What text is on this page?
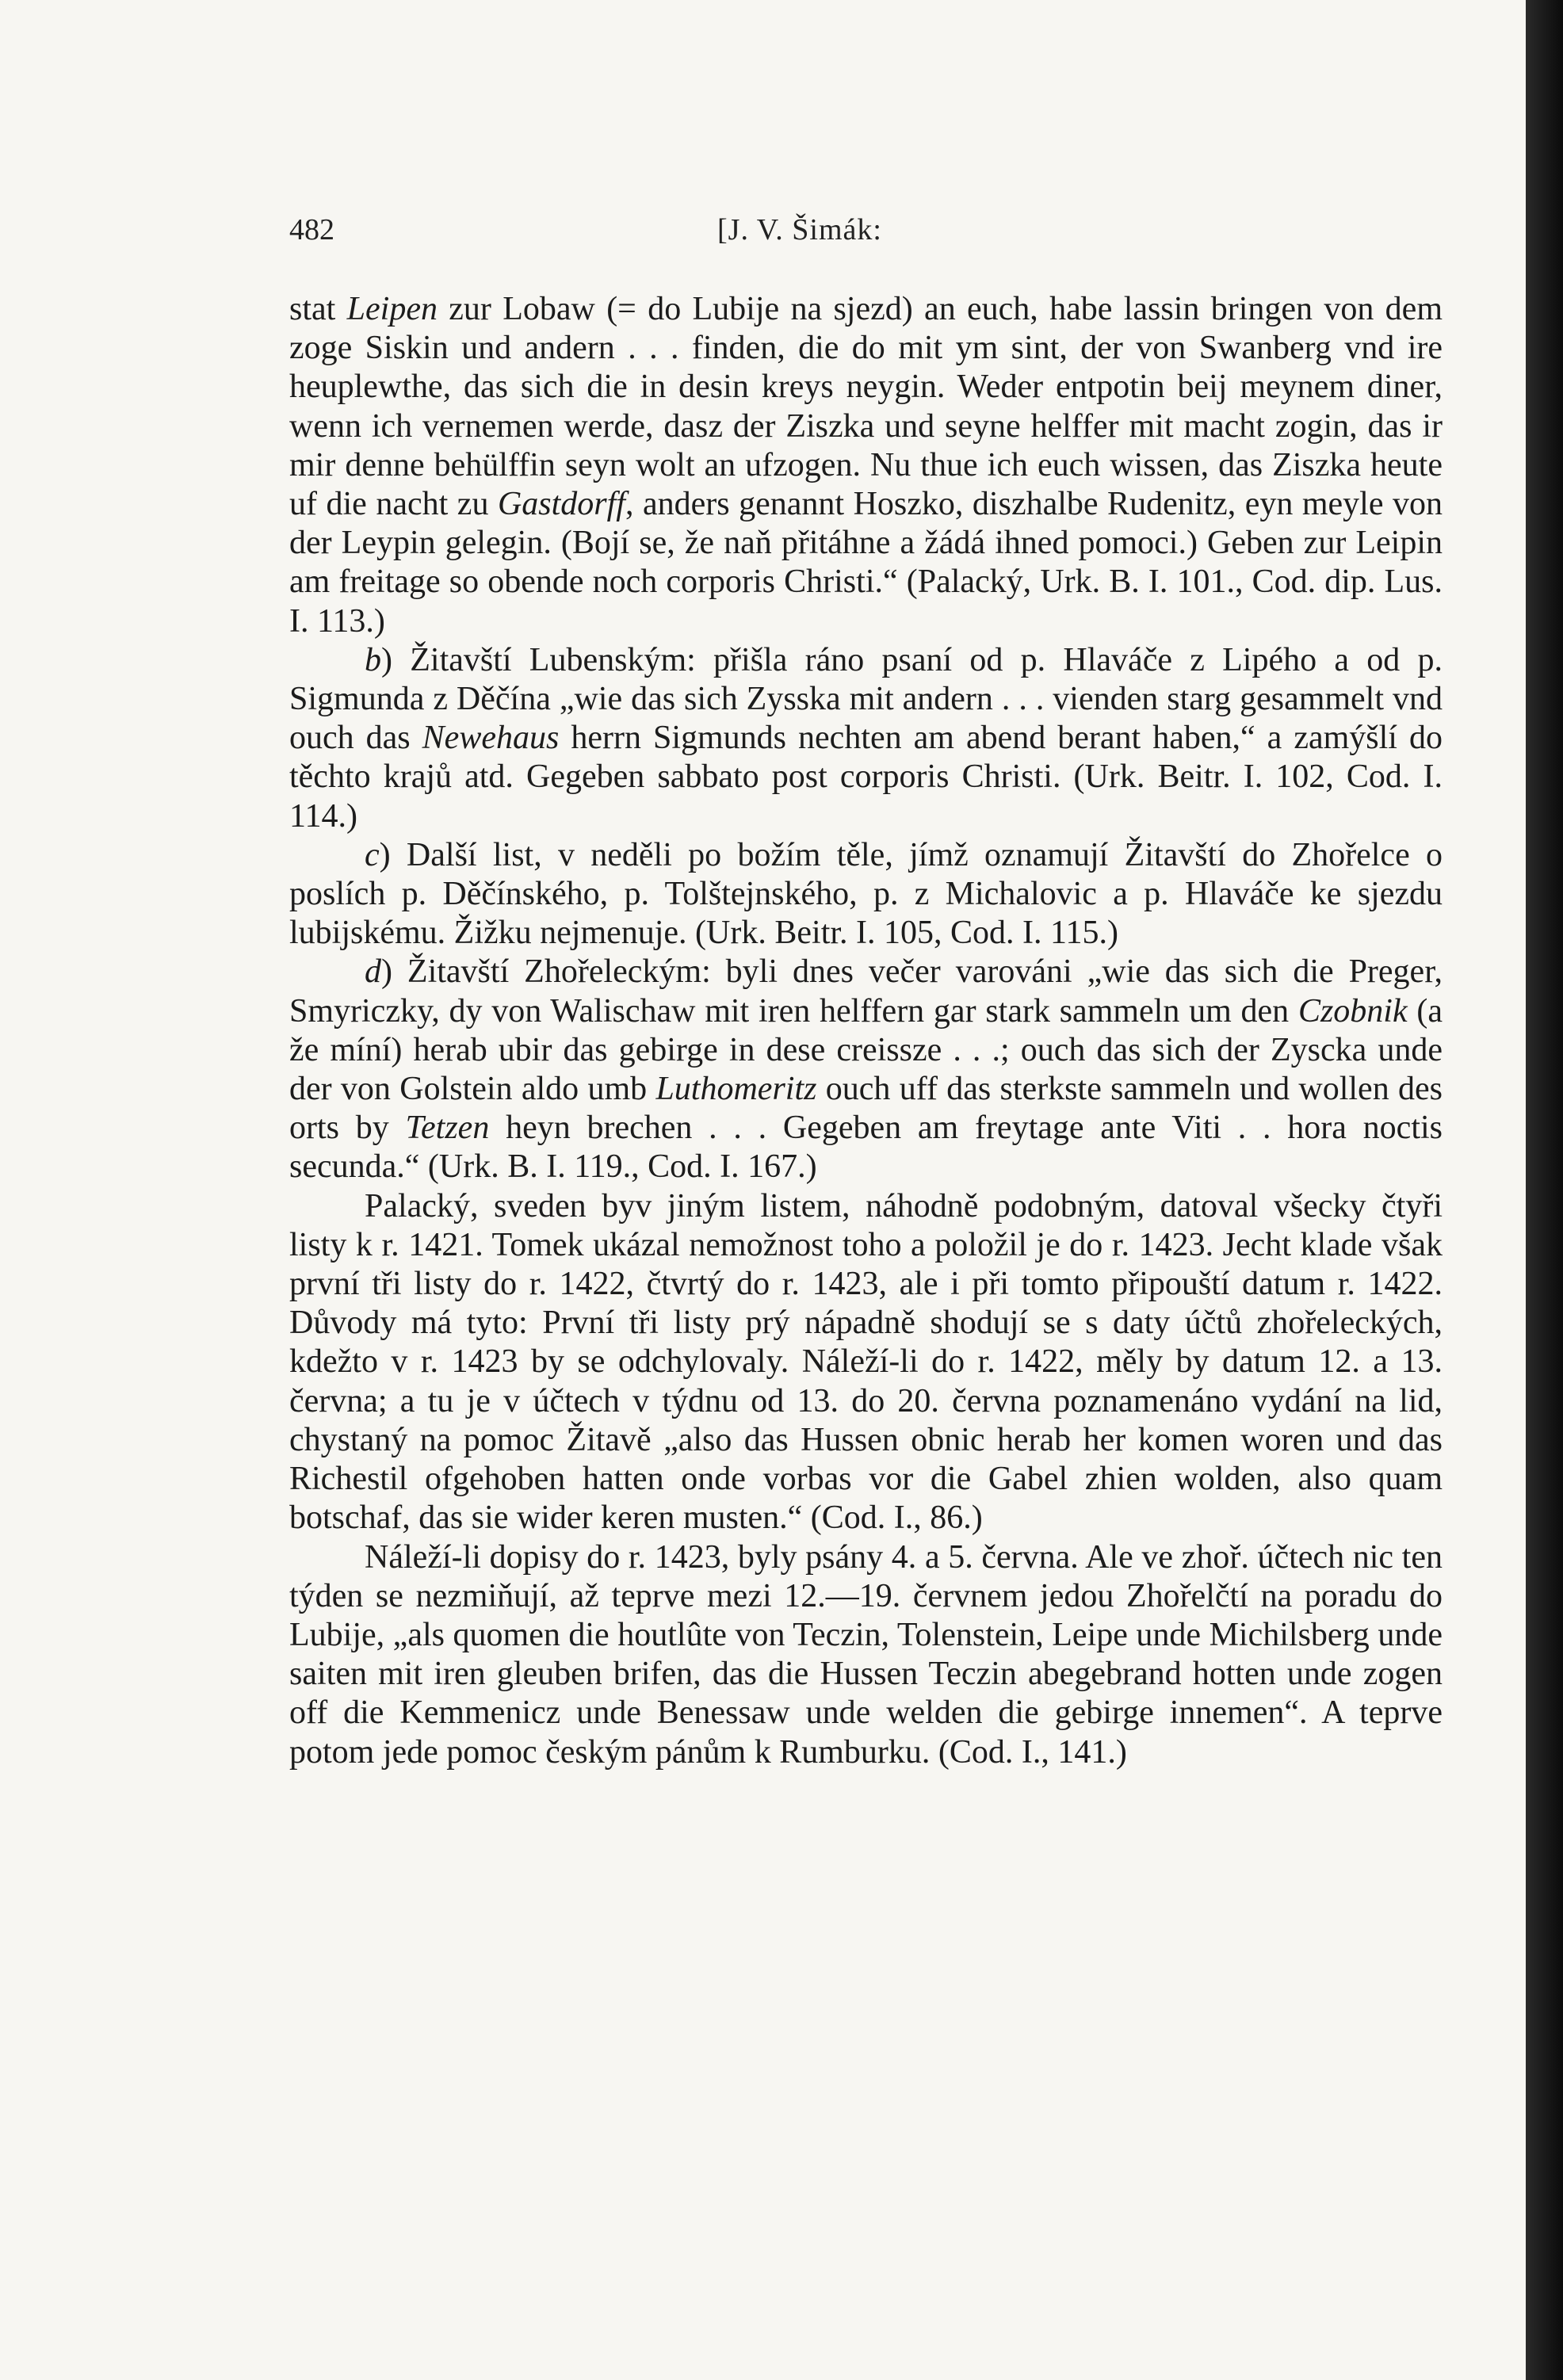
482	[J. V. Šimák:

stat Leipen zur Lobaw (= do Lubije na sjezd) an euch, habe lassin bringen von dem zoge Siskin und andern . . . finden, die do mit ym sint, der von Swanberg vnd ire heuplewthe, das sich die in desin kreys neygin. Weder entpotin beij meynem diner, wenn ich vernemen werde, dasz der Ziszka und seyne helffer mit macht zogin, das ir mir denne behülffin seyn wolt an ufzogen. Nu thue ich euch wissen, das Ziszka heute uf die nacht zu Gastdorff, anders genannt Hoszko, diszhalbe Rudenitz, eyn meyle von der Leypin gelegin. (Bojí se, že naň přitáhne a žádá ihned pomoci.) Geben zur Leipin am freitage so obende noch corporis Christi.“ (Palacký, Urk. B. I. 101., Cod. dip. Lus. I. 113.)

b) Žitavští Lubenským: přišla ráno psaní od p. Hlaváče z Lipého a od p. Sigmunda z Děčína „wie das sich Zysska mit andern . . . vienden starg gesammelt vnd ouch das Newehaus herrn Sigmunds nechten am abend berant haben,“ a zamýšlí do těchto krajů atd. Gegeben sabbato post corporis Christi. (Urk. Beitr. I. 102, Cod. I. 114.)

c) Další list, v neděli po božím těle, jímž oznamují Žitavští do Zhořelce o poslích p. Děčínského, p. Tolštejnského, p. z Michalovic a p. Hlaváče ke sjezdu lubijskému. Žižku nejmenuje. (Urk. Beitr. I. 105, Cod. I. 115.)

d) Žitavští Zhořeleckým: byli dnes večer varováni „wie das sich die Preger, Smyriczky, dy von Walischaw mit iren helffern gar stark sammeln um den Czobnik (a že míní) herab ubir das gebirge in dese creissze . . .; ouch das sich der Zyscka unde der von Golstein aldo umb Luthomeritz ouch uff das sterkste sammeln und wollen des orts by Tetzen heyn brechen . . . Gegeben am freytage ante Viti . . hora noctis secunda.“ (Urk. B. I. 119., Cod. I. 167.)

Palacký, sveden byv jiným listem, náhodně podobným, datoval všecky čtyři listy k r. 1421. Tomek ukázal nemožnost toho a položil je do r. 1423. Jecht klade však první tři listy do r. 1422, čtvrtý do r. 1423, ale i při tomto připouští datum r. 1422. Důvody má tyto: První tři listy prý nápadně shodují se s daty účtů zhořeleckých, kdežto v r. 1423 by se odchylovaly. Náleží-li do r. 1422, měly by datum 12. a 13. června; a tu je v účtech v týdnu od 13. do 20. června poznamenáno vydání na lid, chystaný na pomoc Žitavě „also das Hussen obnic herab her komen woren und das Richestil ofgehoben hatten onde vorbas vor die Gabel zhien wolden, also quam botschaf, das sie wider keren musten.“ (Cod. I., 86.)

Náleží-li dopisy do r. 1423, byly psány 4. a 5. června. Ale ve zhoř. účtech nic ten týden se nezmiňují, až teprve mezi 12.—19. červnem jedou Zhořelčtí na poradu do Lubije, „als quomen die houtlûte von Teczin, Tolenstein, Leipe unde Michilsberg unde saiten mit iren gleuben brifen, das die Hussen Teczin abegebrand hotten unde zogen off die Kemmenicz unde Benessaw unde welden die gebirge innemen“. A teprve potom jede pomoc českým pánům k Rumburku. (Cod. I., 141.)
